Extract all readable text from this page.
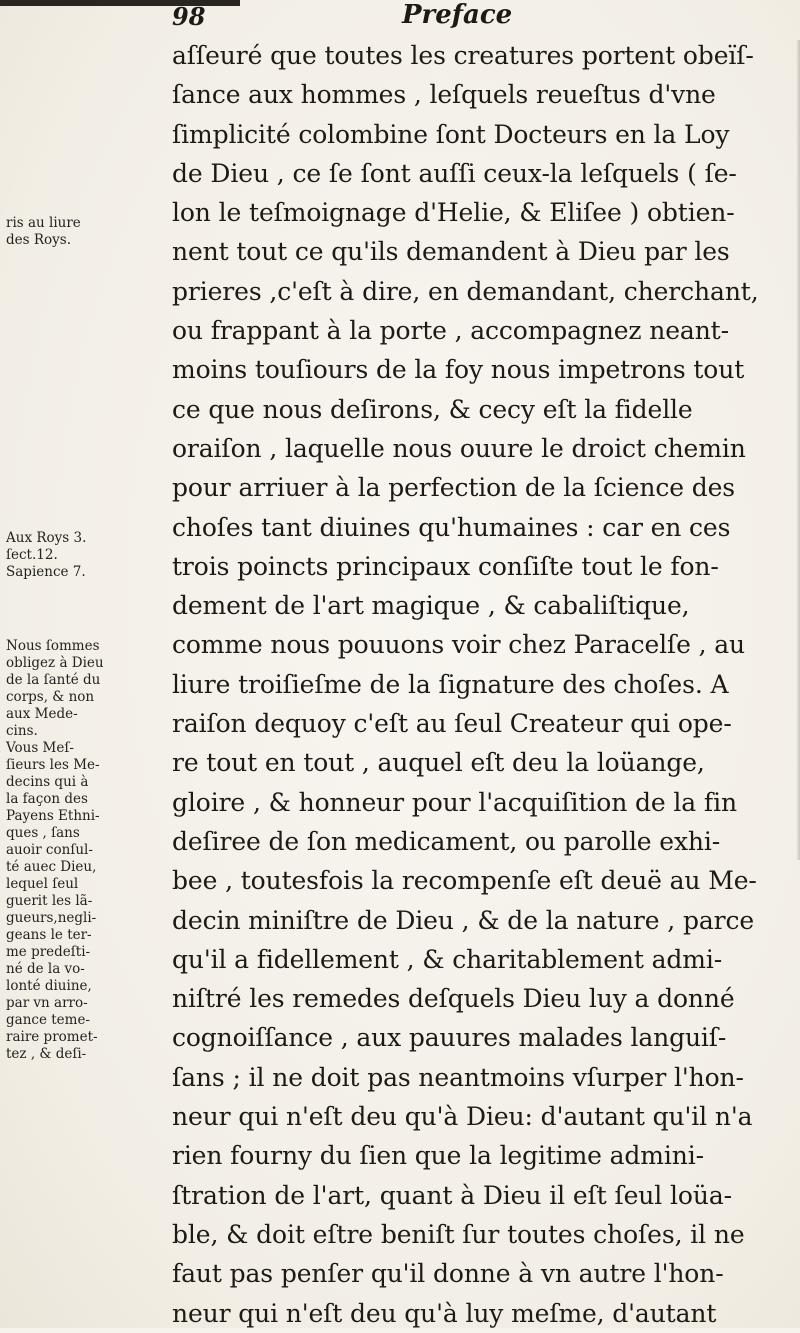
98	Preface
aſſeuré que toutes les creatures portent obeïſ-
ſance aux hommes , leſquels reueſtus d'vne
ſimplicité colombine ſont Docteurs en la Loy
de Dieu , ce ſe ſont auſſi ceux-la leſquels ( ſe-
lon le teſmoignage d'Helie, & Eliſee ) obtien-
nent tout ce qu'ils demandent à Dieu par les
prieres ,c'eſt à dire, en demandant, cherchant,
ou frappant à la porte , accompagnez neant-
moins touſiours de la foy nous impetrons tout
ce que nous deſirons, & cecy eſt la fidelle
oraiſon , laquelle nous ouure le droict chemin
pour arriuer à la perfection de la ſcience des
choſes tant diuines qu'humaines : car en ces
trois poincts principaux conſiſte tout le fon-
dement de l'art magique , & cabaliſtique,
comme nous pouuons voir chez Paracelſe , au
liure troiſieſme de la ſignature des choſes. A
raiſon dequoy c'eſt au ſeul Createur qui ope-
re tout en tout , auquel eſt deu la loüange,
gloire , & honneur pour l'acquiſition de la fin
deſiree de ſon medicament, ou parolle exhi-
bee , toutesfois la recompenſe eſt deuë au Me-
decin miniſtre de Dieu , & de la nature , parce
qu'il a fidellement , & charitablement admi-
niſtré les remedes deſquels Dieu luy a donné
cognoiſſance , aux pauures malades languiſ-
ſans ; il ne doit pas neantmoins vſurper l'hon-
neur qui n'eſt deu qu'à Dieu: d'autant qu'il n'a
rien fourny du ſien que la legitime admini-
ſtration de l'art, quant à Dieu il eſt ſeul loüa-
ble, & doit eſtre beniſt ſur toutes choſes, il ne
faut pas penſer qu'il donne à vn autre l'hon-
neur qui n'eſt deu qu'à luy meſme, d'autant
ris au liure
des Roys.
Aux Roys 3.
ſect.12.
Sapience 7.
Nous ſommes
obligez à Dieu
de la ſanté du
corps, & non
aux Mede-
cins.
Vous Meſ-
ſieurs les Me-
decins qui à
la façon des
Payens Ethni-
ques , ſans
auoir conſul-
té auec Dieu,
lequel ſeul
guerit les lã-
gueurs,negli-
geans le ter-
me predeſti-
né de la vo-
lonté diuine,
par vn arro-
gance teme-
raire promet-
tez , & deſi-
